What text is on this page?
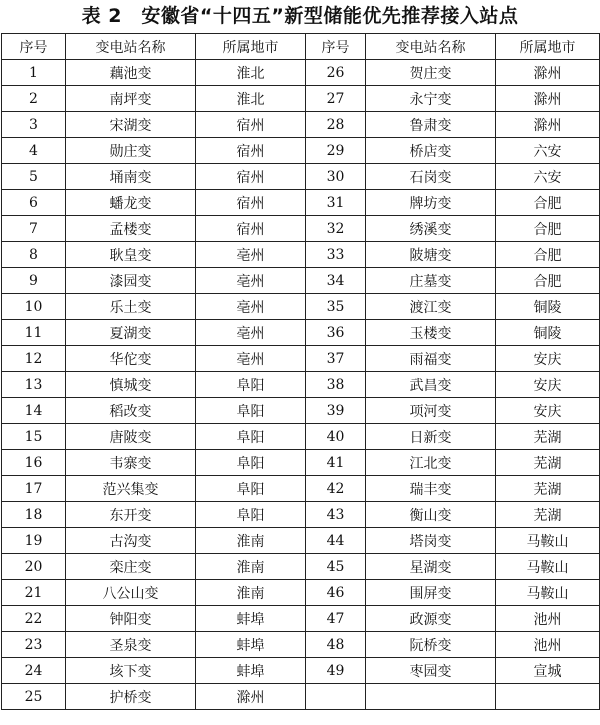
表 2　安徽省“十四五”新型储能优先推荐接入站点
序号	变电站名称	所属地市	序号	变电站名称	所属地市
1	藕池变	淮北	26	贺庄变	滁州
2	南坪变	淮北	27	永宁变	滁州
3	宋湖变	宿州	28	鲁肃变	滁州
4	勋庄变	宿州	29	桥店变	六安
5	埇南变	宿州	30	石岗变	六安
6	蟠龙变	宿州	31	牌坊变	合肥
7	孟楼变	宿州	32	绣溪变	合肥
8	耿皇变	亳州	33	陂塘变	合肥
9	漆园变	亳州	34	庄墓变	合肥
10	乐土变	亳州	35	渡江变	铜陵
11	夏湖变	亳州	36	玉楼变	铜陵
12	华佗变	亳州	37	雨福变	安庆
13	慎城变	阜阳	38	武昌变	安庆
14	稻改变	阜阳	39	项河变	安庆
15	唐陂变	阜阳	40	日新变	芜湖
16	韦寨变	阜阳	41	江北变	芜湖
17	范兴集变	阜阳	42	瑞丰变	芜湖
18	东开变	阜阳	43	衡山变	芜湖
19	古沟变	淮南	44	塔岗变	马鞍山
20	栾庄变	淮南	45	星湖变	马鞍山
21	八公山变	淮南	46	围屏变	马鞍山
22	钟阳变	蚌埠	47	政源变	池州
23	圣泉变	蚌埠	48	阮桥变	池州
24	垓下变	蚌埠	49	枣园变	宣城
25	护桥变	滁州			
